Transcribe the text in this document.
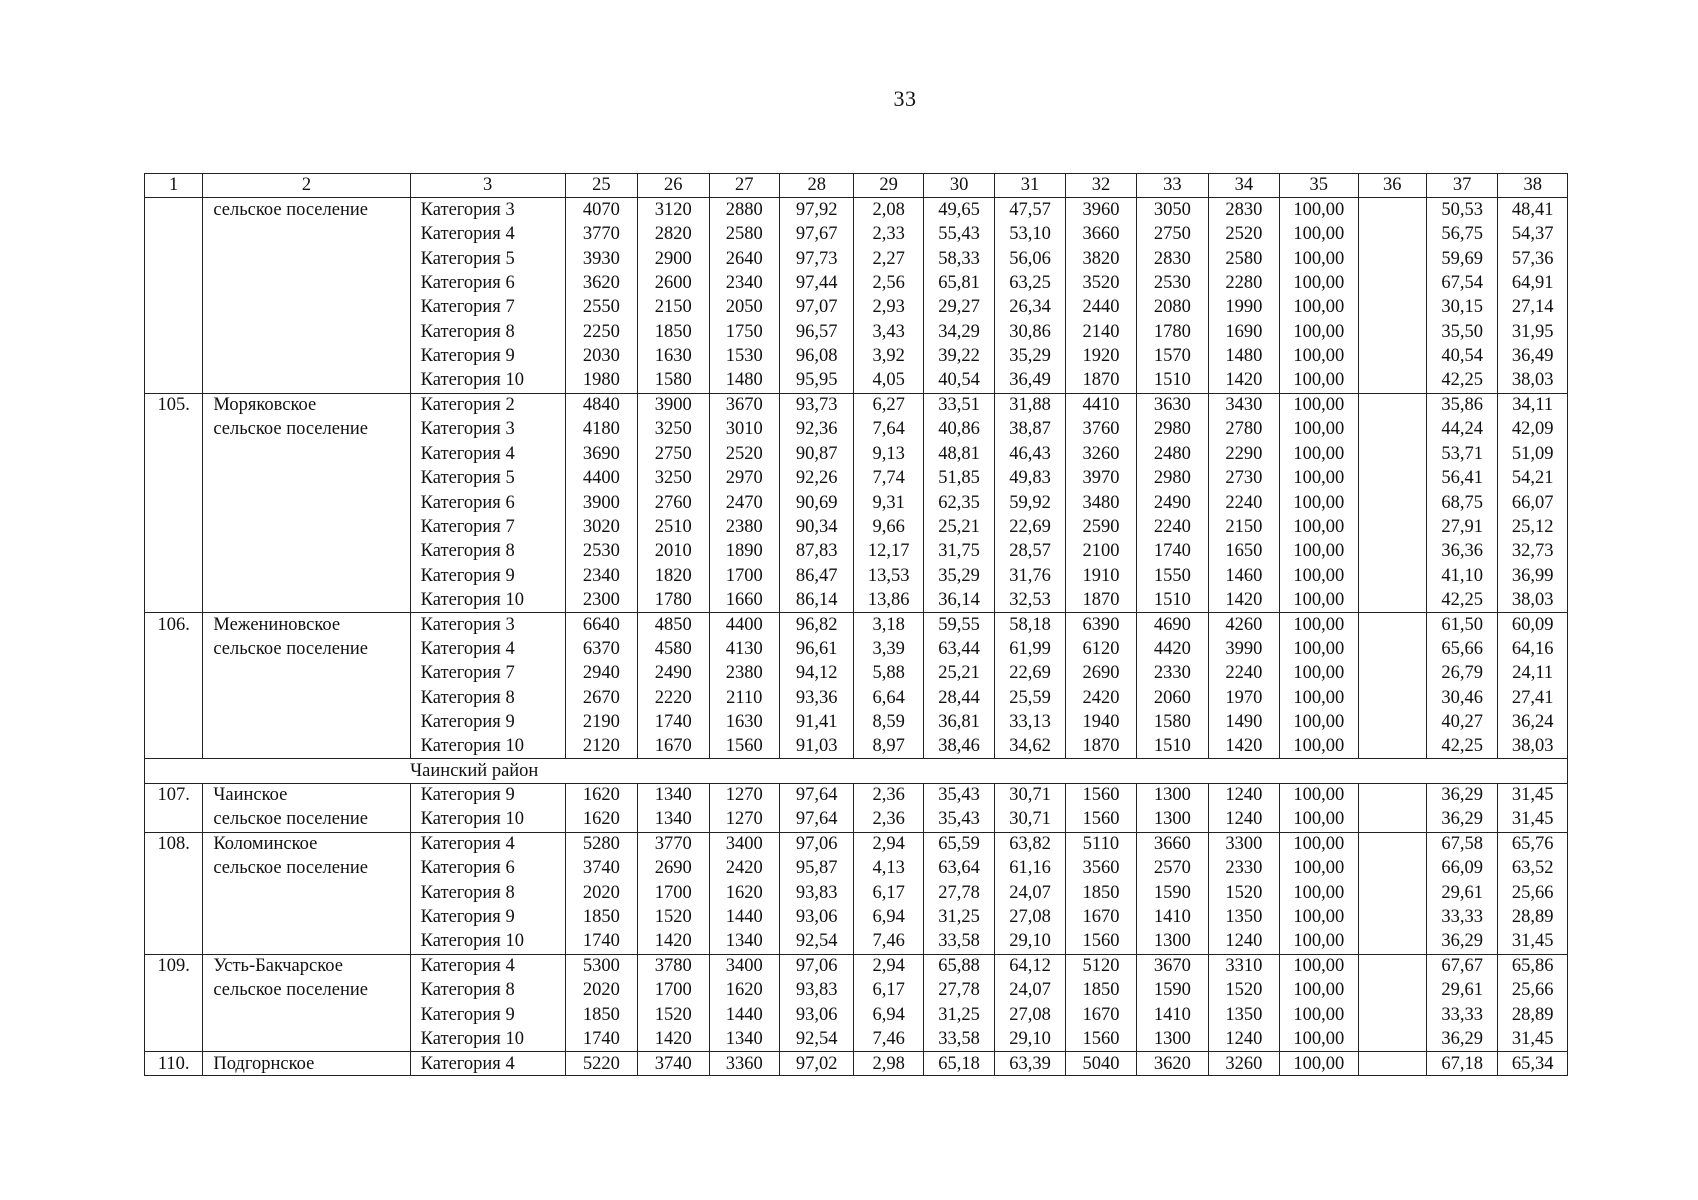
33
1	2	3	25	26	27	28	29	30	31	32	33	34	35	36	37	38
	сельское поселение	Категория 3	4070	3120	2880	97,92	2,08	49,65	47,57	3960	3050	2830	100,00		50,53	48,41
		Категория 4	3770	2820	2580	97,67	2,33	55,43	53,10	3660	2750	2520	100,00		56,75	54,37
		Категория 5	3930	2900	2640	97,73	2,27	58,33	56,06	3820	2830	2580	100,00		59,69	57,36
		Категория 6	3620	2600	2340	97,44	2,56	65,81	63,25	3520	2530	2280	100,00		67,54	64,91
		Категория 7	2550	2150	2050	97,07	2,93	29,27	26,34	2440	2080	1990	100,00		30,15	27,14
		Категория 8	2250	1850	1750	96,57	3,43	34,29	30,86	2140	1780	1690	100,00		35,50	31,95
		Категория 9	2030	1630	1530	96,08	3,92	39,22	35,29	1920	1570	1480	100,00		40,54	36,49
		Категория 10	1980	1580	1480	95,95	4,05	40,54	36,49	1870	1510	1420	100,00		42,25	38,03
105.	Моряковское	Категория 2	4840	3900	3670	93,73	6,27	33,51	31,88	4410	3630	3430	100,00		35,86	34,11
	сельское поселение	Категория 3	4180	3250	3010	92,36	7,64	40,86	38,87	3760	2980	2780	100,00		44,24	42,09
		Категория 4	3690	2750	2520	90,87	9,13	48,81	46,43	3260	2480	2290	100,00		53,71	51,09
		Категория 5	4400	3250	2970	92,26	7,74	51,85	49,83	3970	2980	2730	100,00		56,41	54,21
		Категория 6	3900	2760	2470	90,69	9,31	62,35	59,92	3480	2490	2240	100,00		68,75	66,07
		Категория 7	3020	2510	2380	90,34	9,66	25,21	22,69	2590	2240	2150	100,00		27,91	25,12
		Категория 8	2530	2010	1890	87,83	12,17	31,75	28,57	2100	1740	1650	100,00		36,36	32,73
		Категория 9	2340	1820	1700	86,47	13,53	35,29	31,76	1910	1550	1460	100,00		41,10	36,99
		Категория 10	2300	1780	1660	86,14	13,86	36,14	32,53	1870	1510	1420	100,00		42,25	38,03
106.	Межениновское	Категория 3	6640	4850	4400	96,82	3,18	59,55	58,18	6390	4690	4260	100,00		61,50	60,09
	сельское поселение	Категория 4	6370	4580	4130	96,61	3,39	63,44	61,99	6120	4420	3990	100,00		65,66	64,16
		Категория 7	2940	2490	2380	94,12	5,88	25,21	22,69	2690	2330	2240	100,00		26,79	24,11
		Категория 8	2670	2220	2110	93,36	6,64	28,44	25,59	2420	2060	1970	100,00		30,46	27,41
		Категория 9	2190	1740	1630	91,41	8,59	36,81	33,13	1940	1580	1490	100,00		40,27	36,24
		Категория 10	2120	1670	1560	91,03	8,97	38,46	34,62	1870	1510	1420	100,00		42,25	38,03
		Чаинский район														
107.	Чаинское	Категория 9	1620	1340	1270	97,64	2,36	35,43	30,71	1560	1300	1240	100,00		36,29	31,45
	сельское поселение	Категория 10	1620	1340	1270	97,64	2,36	35,43	30,71	1560	1300	1240	100,00		36,29	31,45
108.	Коломинское	Категория 4	5280	3770	3400	97,06	2,94	65,59	63,82	5110	3660	3300	100,00		67,58	65,76
	сельское поселение	Категория 6	3740	2690	2420	95,87	4,13	63,64	61,16	3560	2570	2330	100,00		66,09	63,52
		Категория 8	2020	1700	1620	93,83	6,17	27,78	24,07	1850	1590	1520	100,00		29,61	25,66
		Категория 9	1850	1520	1440	93,06	6,94	31,25	27,08	1670	1410	1350	100,00		33,33	28,89
		Категория 10	1740	1420	1340	92,54	7,46	33,58	29,10	1560	1300	1240	100,00		36,29	31,45
109.	Усть-Бакчарское	Категория 4	5300	3780	3400	97,06	2,94	65,88	64,12	5120	3670	3310	100,00		67,67	65,86
	сельское поселение	Категория 8	2020	1700	1620	93,83	6,17	27,78	24,07	1850	1590	1520	100,00		29,61	25,66
		Категория 9	1850	1520	1440	93,06	6,94	31,25	27,08	1670	1410	1350	100,00		33,33	28,89
		Категория 10	1740	1420	1340	92,54	7,46	33,58	29,10	1560	1300	1240	100,00		36,29	31,45
110.	Подгорнское	Категория 4	5220	3740	3360	97,02	2,98	65,18	63,39	5040	3620	3260	100,00		67,18	65,34
